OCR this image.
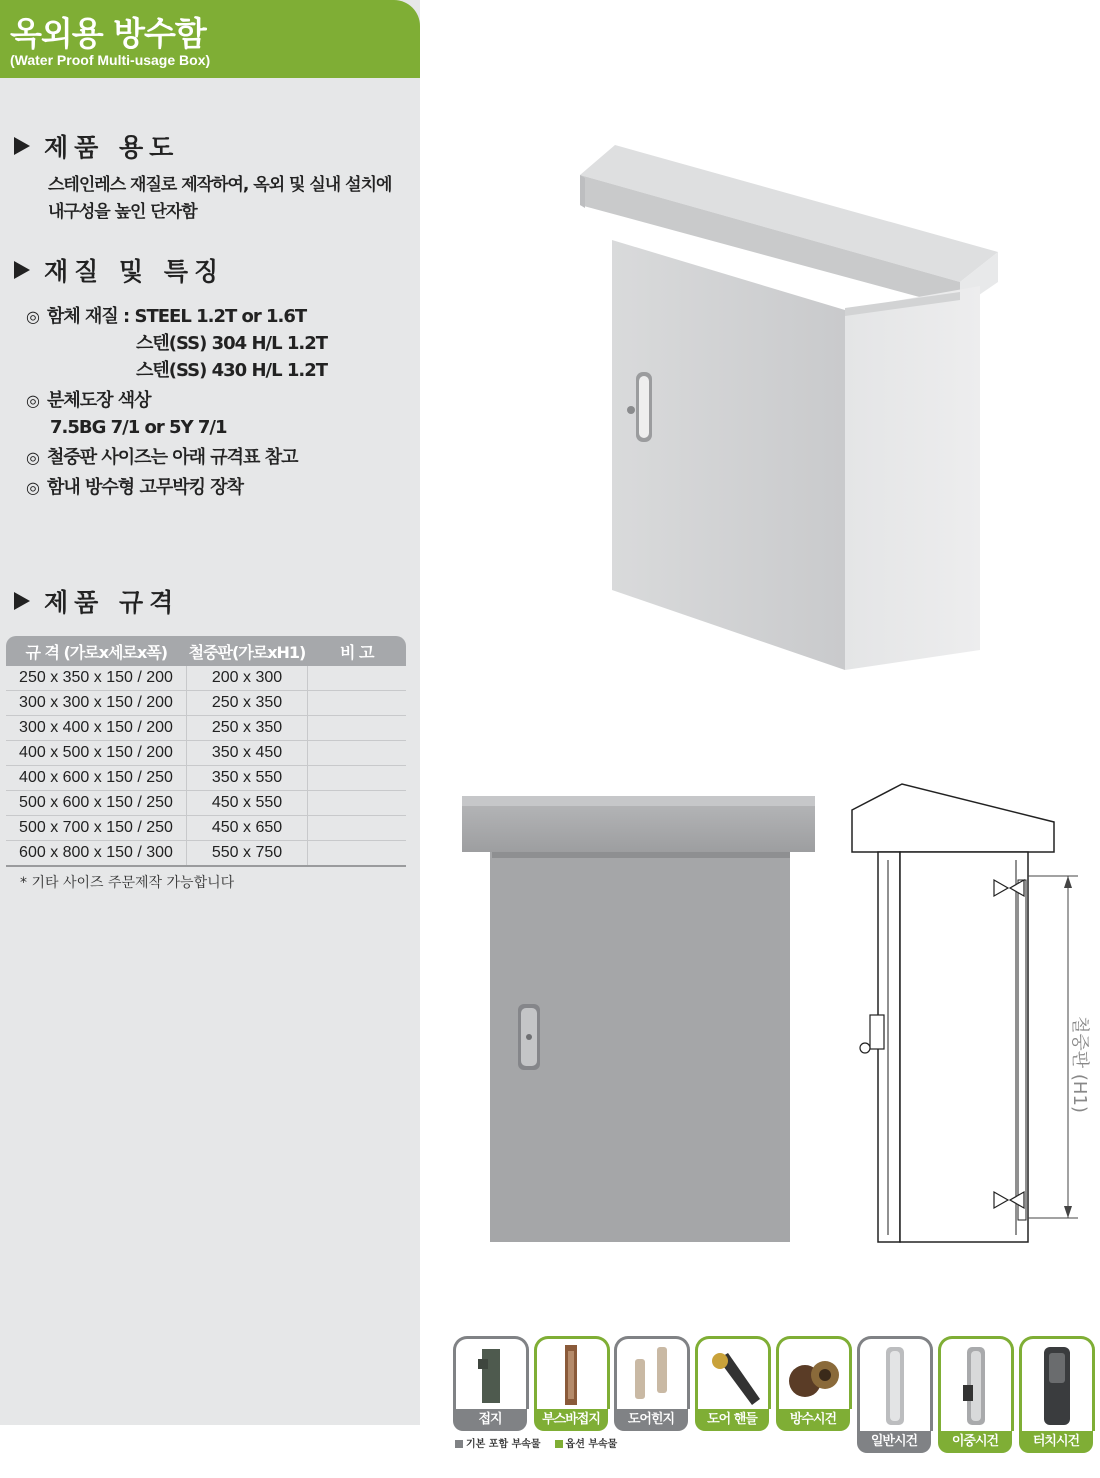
옥외용 방수함
(Water Proof Multi-usage Box)
제품 용도
스테인레스 재질로 제작하여, 옥외 및 실내 설치에
내구성을 높인 단자함
재질 및 특징
◎ 함체 재질 : STEEL 1.2T or 1.6T
스텐(SS) 304 H/L 1.2T
스텐(SS) 430 H/L 1.2T
◎ 분체도장 색상
7.5BG 7/1 or 5Y 7/1
◎ 철중판 사이즈는 아래 규격표 참고
◎ 함내 방수형 고무박킹 장착
제품 규격
규 격 (가로x세로x폭)	철중판(가로xH1)	비 고
250 x 350 x 150 / 200	200 x 300	
300 x 300 x 150 / 200	250 x 350	
300 x 400 x 150 / 200	250 x 350	
400 x 500 x 150 / 200	350 x 450	
400 x 600 x 150 / 250	350 x 550	
500 x 600 x 150 / 250	450 x 550	
500 x 700 x 150 / 250	450 x 650	
600 x 800 x 150 / 300	550 x 750	
* 기타 사이즈 주문제작 가능합니다
철중판 (H1)
접지	부스바접지	도어힌지	도어 핸들	방수시건
일반시건	이중시건	터치시건
기본 포함 부속물 옵션 부속물
